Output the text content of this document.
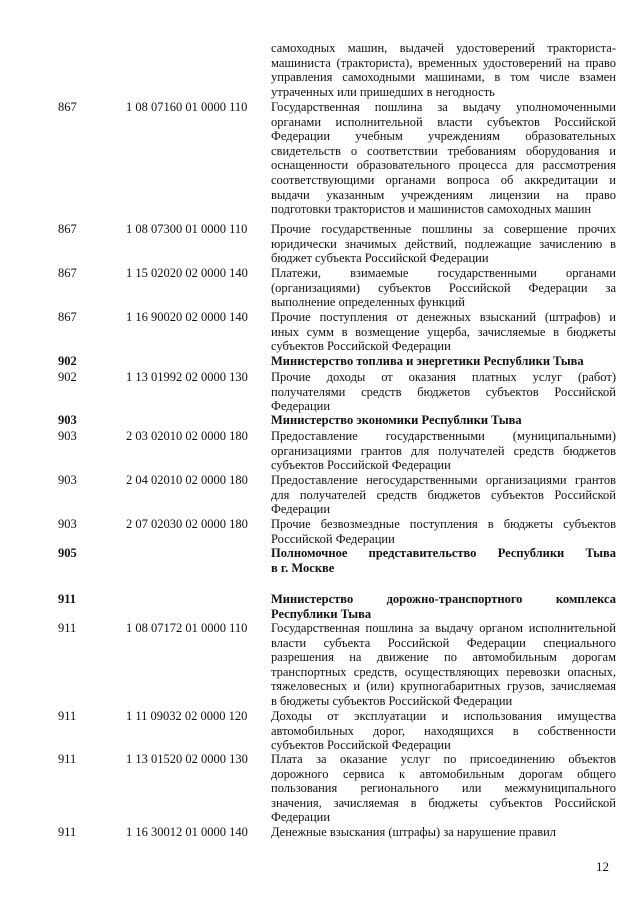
самоходных машин, выдачей удостоверений тракториста-
машиниста (тракториста), временных удостоверений на право
управления самоходными машинами, в том числе взамен
утраченных или пришедших в негодность
867	1 08 07160 01 0000 110 Государственная пошлина за выдачу уполномоченными
органами исполнительной власти субъектов Российской
Федерации учебным учреждениям образовательных
свидетельств о соответствии требованиям оборудования и
оснащенности образовательного процесса для рассмотрения
соответствующими органами вопроса об аккредитации и
выдачи указанным учреждениям лицензии на право
подготовки трактористов и машинистов самоходных машин
867	1 08 07300 01 0000 110 Прочие государственные пошлины за совершение прочих
юридически значимых действий, подлежащие зачислению в
бюджет субъекта Российской Федерации
867	1 15 02020 02 0000 140 Платежи, взимаемые государственными органами
(организациями) субъектов Российской Федерации за
выполнение определенных функций
867	1 16 90020 02 0000 140 Прочие поступления от денежных взысканий (штрафов) и
иных сумм в возмещение ущерба, зачисляемые в бюджеты
субъектов Российской Федерации
902	Министерство топлива и энергетики Республики Тыва
902	1 13 01992 02 0000 130 Прочие доходы от оказания платных услуг (работ)
получателями средств бюджетов субъектов Российской
Федерации
903	Министерство экономики Республики Тыва
903	2 03 02010 02 0000 180 Предоставление государственными (муниципальными)
организациями грантов для получателей средств бюджетов
субъектов Российской Федерации
903	2 04 02010 02 0000 180 Предоставление негосударственными организациями грантов
для получателей средств бюджетов субъектов Российской
Федерации
903	2 07 02030 02 0000 180 Прочие безвозмездные поступления в бюджеты субъектов
Российской Федерации
905	Полномочное представительство Республики Тыва
в г. Москве
911	Министерство дорожно-транспортного комплекса
Республики Тыва
911	1 08 07172 01 0000 110 Государственная пошлина за выдачу органом исполнительной
власти субъекта Российской Федерации специального
разрешения на движение по автомобильным дорогам
транспортных средств, осуществляющих перевозки опасных,
тяжеловесных и (или) крупногабаритных грузов, зачисляемая
в бюджеты субъектов Российской Федерации
911	1 11 09032 02 0000 120 Доходы от эксплуатации и использования имущества
автомобильных дорог, находящихся в собственности
субъектов Российской Федерации
911	1 13 01520 02 0000 130 Плата за оказание услуг по присоединению объектов
дорожного сервиса к автомобильным дорогам общего
пользования регионального или межмуниципального
значения, зачисляемая в бюджеты субъектов Российской
Федерации
911	1 16 30012 01 0000 140 Денежные взыскания (штрафы) за нарушение правил
12
